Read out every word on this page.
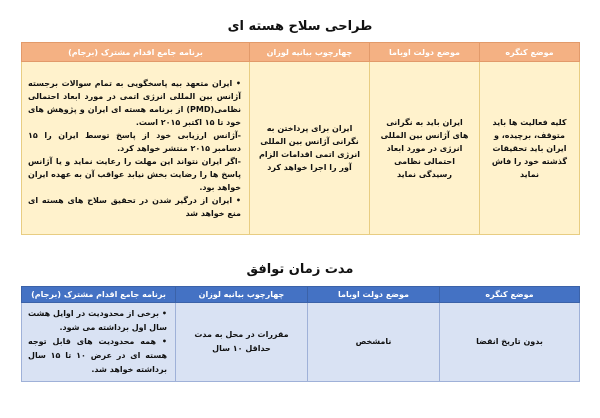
طراحی سلاح هسته ای
موضع کنگره	موضع دولت اوباما	چهارچوب بیانیه لوزان	برنامه جامع اقدام مشترک (برجام)
کلیه فعالیت ها باید متوقف، برچیده، و ایران باید تحقیقات گذشته خود را فاش نماید	ایران باید به نگرانی های آژانس بین المللی انرژی در مورد ابعاد احتمالی نظامی رسیدگی نماید	ایران برای پرداختن به نگرانی آژانس بین المللی انرژی اتمی اقدامات الزام آور را اجرا خواهد کرد	• ایران متعهد بیه پاسخگویی به تمام سوالات برجسته آژانس بین المللی انرژی اتمی در مورد ابعاد احتمالی نظامی(PMD) از برنامه هسته ای ایران و پژوهش های خود تا ۱۵ اکتبر ۲۰۱۵ است.
-آژانس ارزیابی خود از پاسخ توسط ایران را ۱۵ دسامبر ۲۰۱۵ منتشر خواهد کرد.
-اگر ایران نتواند این مهلت را رعایت نماید و یا آژانس پاسخ ها را رضایت بخش نیابد عواقب آن به عهده ایران خواهد بود.
• ایران از درگیر شدن در تحقیق سلاح های هسته ای منع خواهد شد
مدت زمان توافق
موضع کنگره	موضع دولت اوباما	چهارچوب بیانیه لوزان	برنامه جامع اقدام مشترک (برجام)
بدون تاریخ انقضا	نامشخص	مقررات در محل به مدت حداقل ۱۰ سال	• برخی از محدودیت در اوایل هشت سال اول برداشته می شود.
• همه محدودیت های قابل توجه هسته ای در عرض ۱۰ تا ۱۵ سال برداشته خواهد شد.
